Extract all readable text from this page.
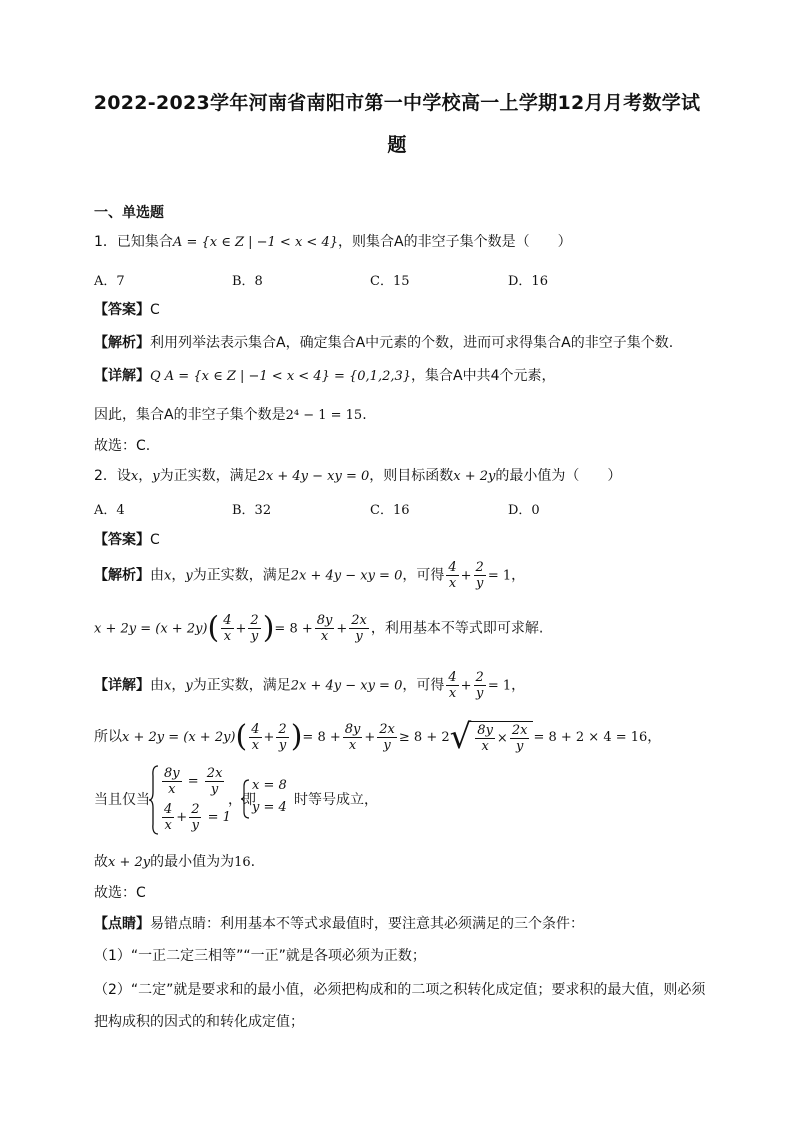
2022-2023学年河南省南阳市第一中学校高一上学期12月月考数学试
题
一、单选题
1．已知集合A = {x ∈ Z | −1 < x < 4}，则集合A的非空子集个数是（　　）
A．7	B．8	C．15	D．16
【答案】C
【解析】利用列举法表示集合A，确定集合A中元素的个数，进而可求得集合A的非空子集个数.
【详解】Q A = {x ∈ Z | −1 < x < 4} = {0,1,2,3}，集合A中共4个元素，
因此，集合A的非空子集个数是2⁴ − 1 = 15.
故选：C.
2．设x，y为正实数，满足2x + 4y − xy = 0，则目标函数x + 2y的最小值为（　　）
A．4	B．32	C．16	D．0
【答案】C
【解析】由x，y为正实数，满足2x + 4y − xy = 0，可得 $\frac{4}{x} + \frac{2}{y} = 1$，
$x + 2y = (x + 2y)( \frac{4}{x} + \frac{2}{y}$ )= $8 + \frac{8y}{x} + \frac{2x}{y}$ ，利用基本不等式即可求解.
【详解】由x，y为正实数，满足2x + 4y − xy = 0，可得 $\frac{4}{x} + \frac{2}{y} = 1$，
所以$x + 2y = (x + 2y)( \frac{4}{x} + \frac{2}{y}$ )= $8 + \frac{8y}{x} + \frac{2x}{y} \ge 8 + 2√ \frac{8y}{x} \times \frac{2x}{y} = 8 + 2 \times 4 = 16$，
当且仅当
$\frac{8y}{x} = \frac{2x}{y}$
$\frac{4}{x} + \frac{2}{y} = 1$
，即
x = 8
y = 4 时等号成立，
故x + 2y的最小值为为16.
故选：C
【点睛】易错点睛：利用基本不等式求最值时，要注意其必须满足的三个条件：
（1）“一正二定三相等”“一正”就是各项必须为正数；
（2）“二定”就是要求和的最小值，必须把构成和的二项之积转化成定值；要求积的最大值，则必须
把构成积的因式的和转化成定值；
